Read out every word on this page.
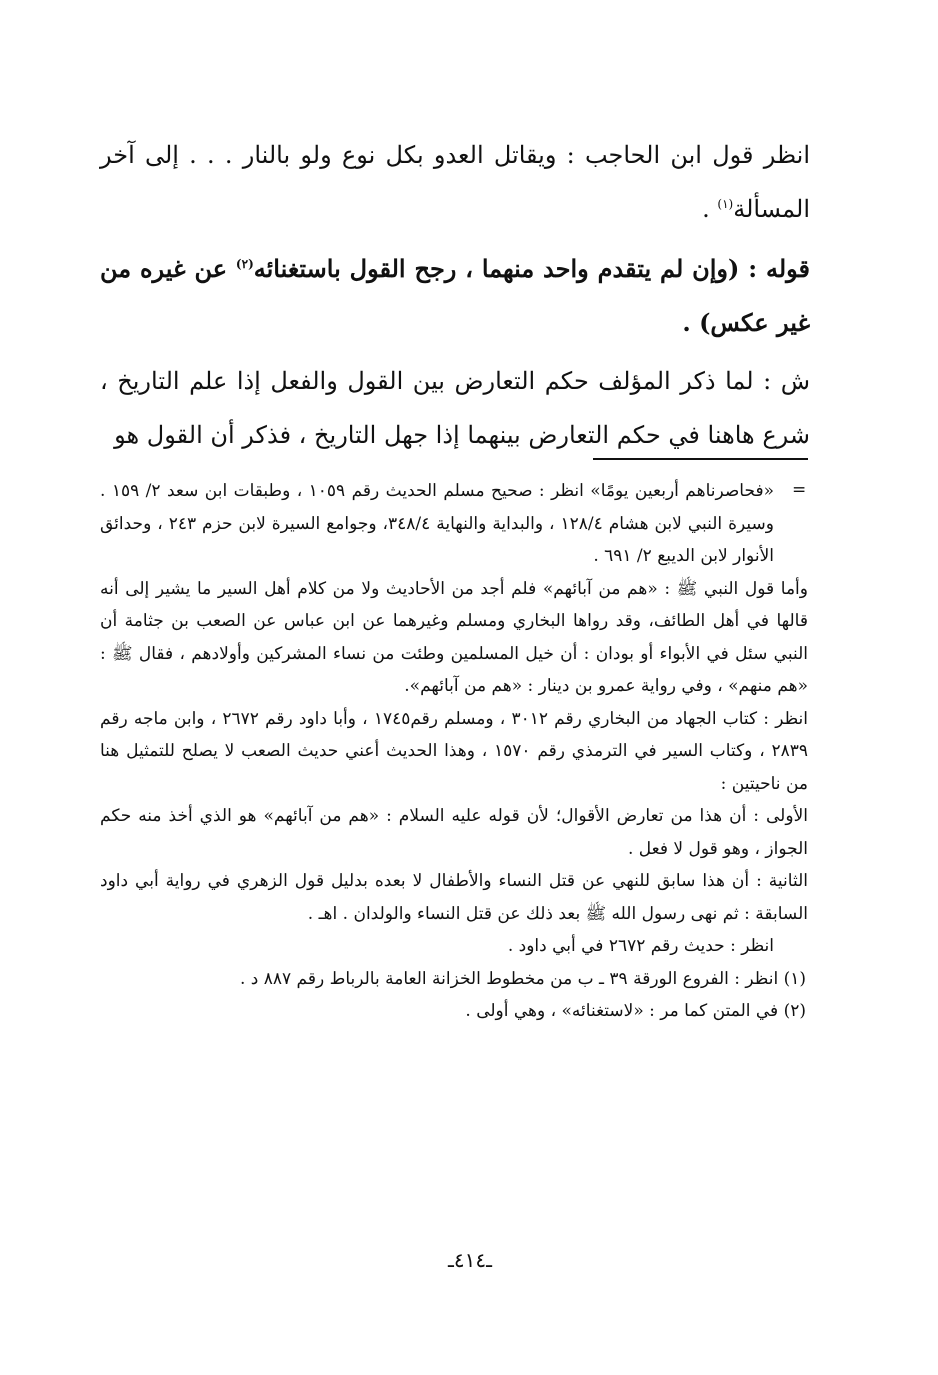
انظر قول ابن الحاجب : ويقاتل العدو بكل نوع ولو بالنار . . . إلى آخر المسألة$^{(١)}$ .

قوله : (وإن لم يتقدم واحد منهما ، رجح القول باستغنائه$^{(٢)}$ عن غيره من غير عكس) .

ش : لما ذكر المؤلف حكم التعارض بين القول والفعل إذا علم التاريخ ، شرع هاهنا في حكم التعارض بينهما إذا جهل التاريخ ، فذكر أن القول هو

=

«فحاصرناهم أربعين يومًا» انظر : صحيح مسلم الحديث رقم ١٠٥٩ ، وطبقات ابن سعد ٢/ ١٥٩ . وسيرة النبي لابن هشام ١٢٨/٤ ، والبداية والنهاية ٣٤٨/٤، وجوامع السيرة لابن حزم ٢٤٣ ، وحدائق الأنوار لابن الديبع ٢/ ٦٩١ .

وأما قول النبي ﷺ : «هم من آبائهم» فلم أجد من الأحاديث ولا من كلام أهل السير ما يشير إلى أنه قالها في أهل الطائف، وقد رواها البخاري ومسلم وغيرهما عن ابن عباس عن الصعب بن جثامة أن النبي سئل في الأبواء أو بودان : أن خيل المسلمين وطئت من نساء المشركين وأولادهم ، فقال ﷺ : «هم منهم» ، وفي رواية عمرو بن دينار : «هم من آبائهم».

انظر : كتاب الجهاد من البخاري رقم ٣٠١٢ ، ومسلم رقم١٧٤٥ ، وأبا داود رقم ٢٦٧٢ ، وابن ماجه رقم ٢٨٣٩ ، وكتاب السير في الترمذي رقم ١٥٧٠ ، وهذا الحديث أعني حديث الصعب لا يصلح للتمثيل هنا من ناحيتين :

الأولى : أن هذا من تعارض الأقوال؛ لأن قوله عليه السلام : «هم من آبائهم» هو الذي أخذ منه حكم الجواز ، وهو قول لا فعل .

الثانية : أن هذا سابق للنهي عن قتل النساء والأطفال لا بعده بدليل قول الزهري في رواية أبي داود السابقة : ثم نهى رسول الله ﷺ بعد ذلك عن قتل النساء والولدان . اهـ .

انظر : حديث رقم ٢٦٧٢ في أبي داود .

(١) انظر : الفروع الورقة ٣٩ ـ ب من مخطوط الخزانة العامة بالرباط رقم ٨٨٧ د .

(٢) في المتن كما مر : «لاستغنائه» ، وهي أولى .

ـ٤١٤ـ
